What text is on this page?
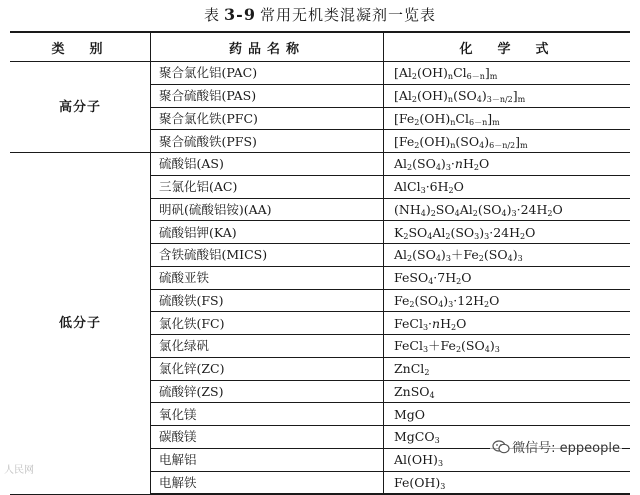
表 3-9 常用无机类混凝剂一览表
类　别	药品名称	化　学　式
高分子	聚合氯化铝(PAC)	$[Al_2(OH)_nCl_{6-n}]_m$
	聚合硫酸铝(PAS)	$[Al_2(OH)_n(SO_4)_{3-n/2}]_m$
	聚合氯化铁(PFC)	$[Fe_2(OH)_nCl_{6-n}]_m$
	聚合硫酸铁(PFS)	$[Fe_2(OH)_n(SO_4)_{6-n/2}]_m$
低分子	硫酸铝(AS)	$Al_2(SO_4)_3\cdot nH_2O$
	三氯化铝(AC)	$AlCl_3\cdot 6H_2O$
	明矾(硫酸铝铵)(AA)	$(NH_4)_2SO_4Al_2(SO_4)_3\cdot 24H_2O$
	硫酸铝钾(KA)	$K_2SO_4Al_2(SO_3)_3\cdot 24H_2O$
	含铁硫酸铝(MICS)	$Al_2(SO_4)_3+Fe_2(SO_4)_3$
	硫酸亚铁	$FeSO_4\cdot 7H_2O$
	硫酸铁(FS)	$Fe_2(SO_4)_3\cdot 12H_2O$
	氯化铁(FC)	$FeCl_3\cdot nH_2O$
	氯化绿矾	$FeCl_3+Fe_2(SO_4)_3$
	氯化锌(ZC)	ZnCl$_2$
	硫酸锌(ZS)	ZnSO$_4$
	氧化镁	MgO
	碳酸镁	MgCO$_3$
	电解铝	$Al(OH)_3$
	电解铁	$Fe(OH)_3$
微信号: eppeople
人民网
